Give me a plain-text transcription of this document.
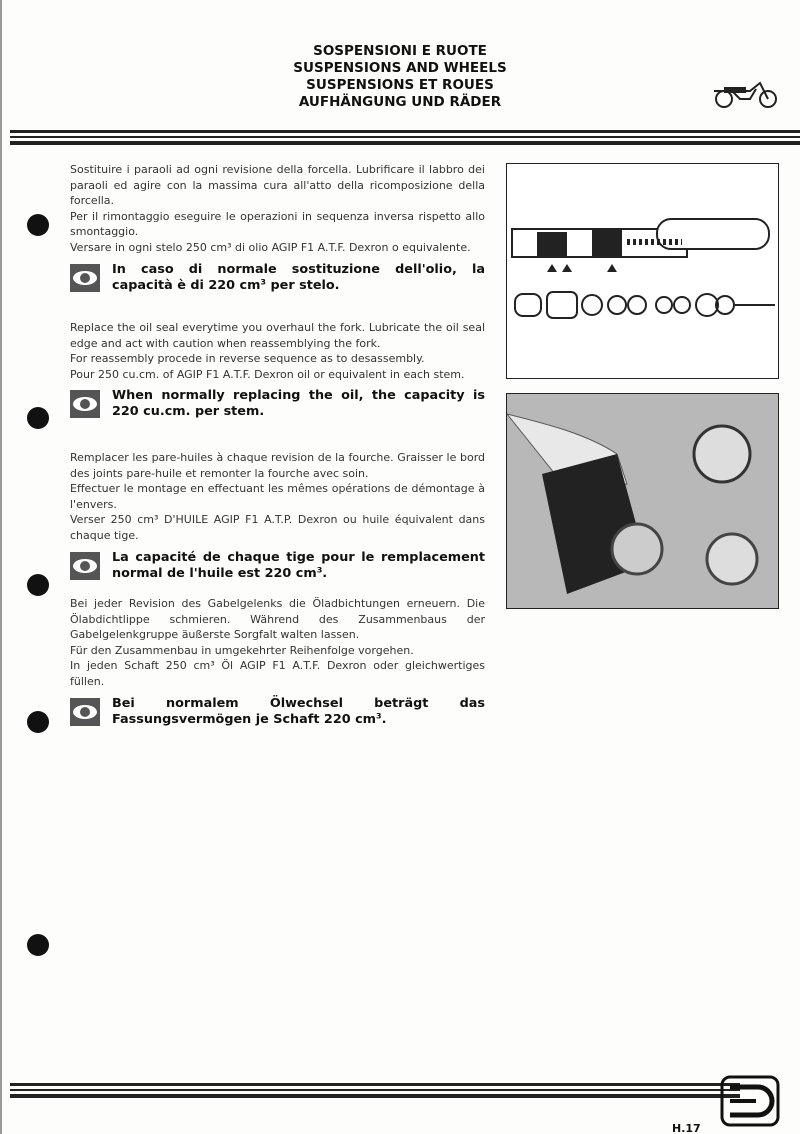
SOSPENSIONI E RUOTE
SUSPENSIONS AND WHEELS
SUSPENSIONS ET ROUES
AUFHÄNGUNG UND RÄDER

Sostituire i paraoli ad ogni revisione della forcella. Lubrificare il labbro dei paraoli ed agire con la massima cura all'atto della ricomposizione della forcella.

Per il rimontaggio eseguire le operazioni in sequenza inversa rispetto allo smontaggio.

Versare in ogni stelo 250 cm³ di olio AGIP F1 A.T.F. Dexron o equivalente.

In caso di normale sostituzione dell'olio, la capacità è di 220 cm³ per stelo.

Replace the oil seal everytime you overhaul the fork. Lubricate the oil seal edge and act with caution when reassemblying the fork.

For reassembly procede in reverse sequence as to desassembly.

Pour 250 cu.cm. of AGIP F1 A.T.F. Dexron oil or equivalent in each stem.

When normally replacing the oil, the capacity is 220 cu.cm. per stem.

Remplacer les pare-huiles à chaque revision de la fourche. Graisser le bord des joints pare-huile et remonter la fourche avec soin.

Effectuer le montage en effectuant les mêmes opérations de démontage à l'envers.

Verser 250 cm³ D'HUILE AGIP F1 A.T.P. Dexron ou huile équivalent dans chaque tige.

La capacité de chaque tige pour le remplacement normal de l'huile est 220 cm³.

Bei jeder Revision des Gabelgelenks die Öladbichtungen erneuern. Die Ölabdichtlippe schmieren. Während des Zusammenbaus der Gabelgelenkgruppe äußerste Sorgfalt walten lassen.

Für den Zusammenbau in umgekehrter Reihenfolge vorgehen.

In jeden Schaft 250 cm³ Öl AGIP F1 A.T.F. Dexron oder gleichwertiges füllen.

Bei normalem Ölwechsel beträgt das Fassungsvermögen je Schaft 220 cm³.
H.17
